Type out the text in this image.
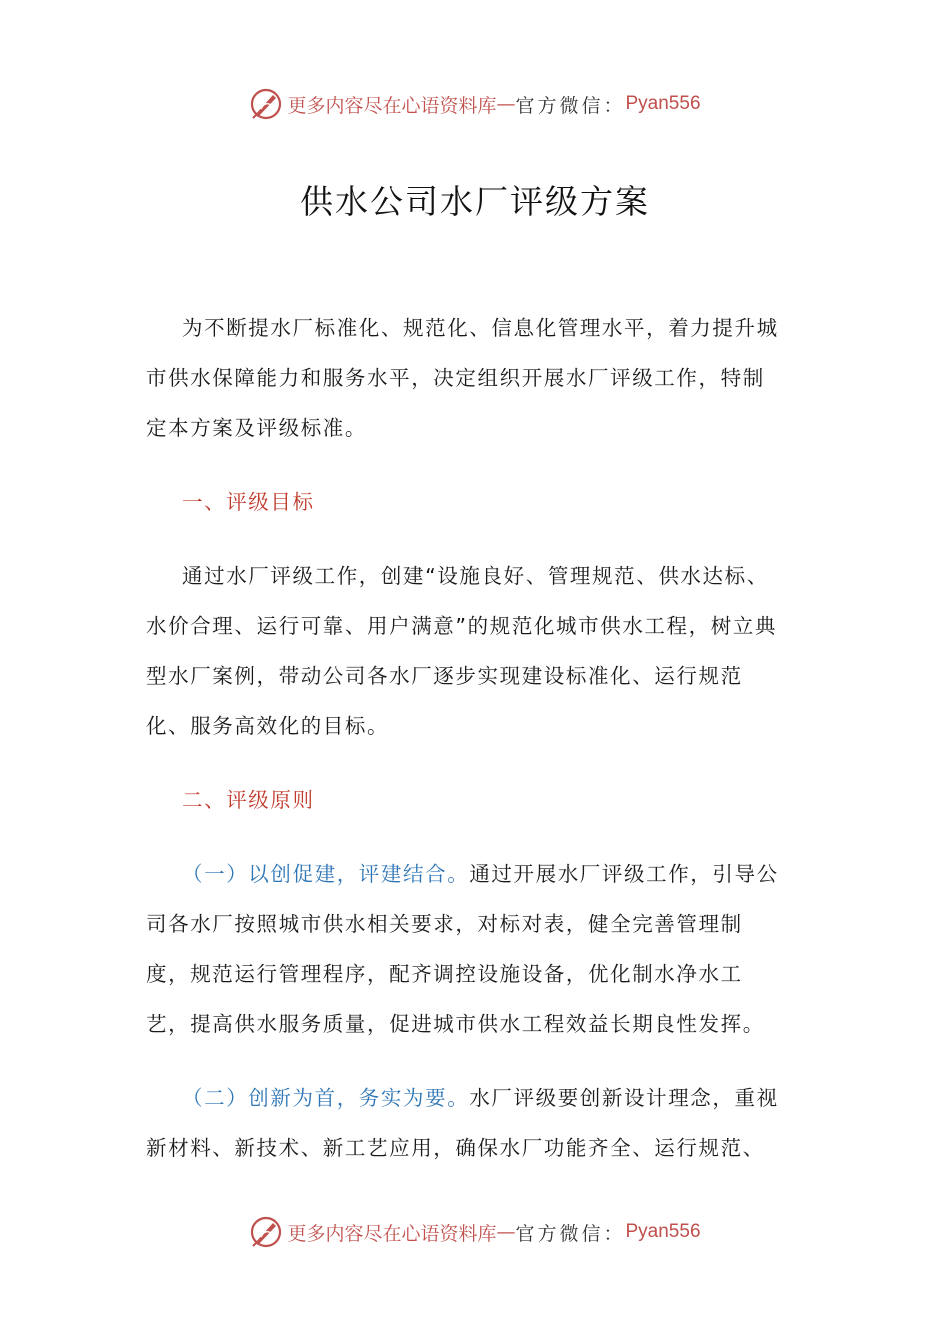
更多内容尽在心语资料库 — 官方微信： Pyan556
供水公司水厂评级方案

为不断提水厂标准化、规范化、信息化管理水平，着力提升城市供水保障能力和服务水平，决定组织开展水厂评级工作，特制定本方案及评级标准。

一、评级目标

通过水厂评级工作，创建“设施良好、管理规范、供水达标、水价合理、运行可靠、用户满意”的规范化城市供水工程，树立典型水厂案例，带动公司各水厂逐步实现建设标准化、运行规范化、服务高效化的目标。

二、评级原则

（一）以创促建，评建结合。通过开展水厂评级工作，引导公司各水厂按照城市供水相关要求，对标对表，健全完善管理制度，规范运行管理程序，配齐调控设施设备，优化制水净水工艺，提高供水服务质量，促进城市供水工程效益长期良性发挥。

（二）创新为首，务实为要。水厂评级要创新设计理念，重视新材料、新技术、新工艺应用，确保水厂功能齐全、运行规范、

更多内容尽在心语资料库 — 官方微信： Pyan556
